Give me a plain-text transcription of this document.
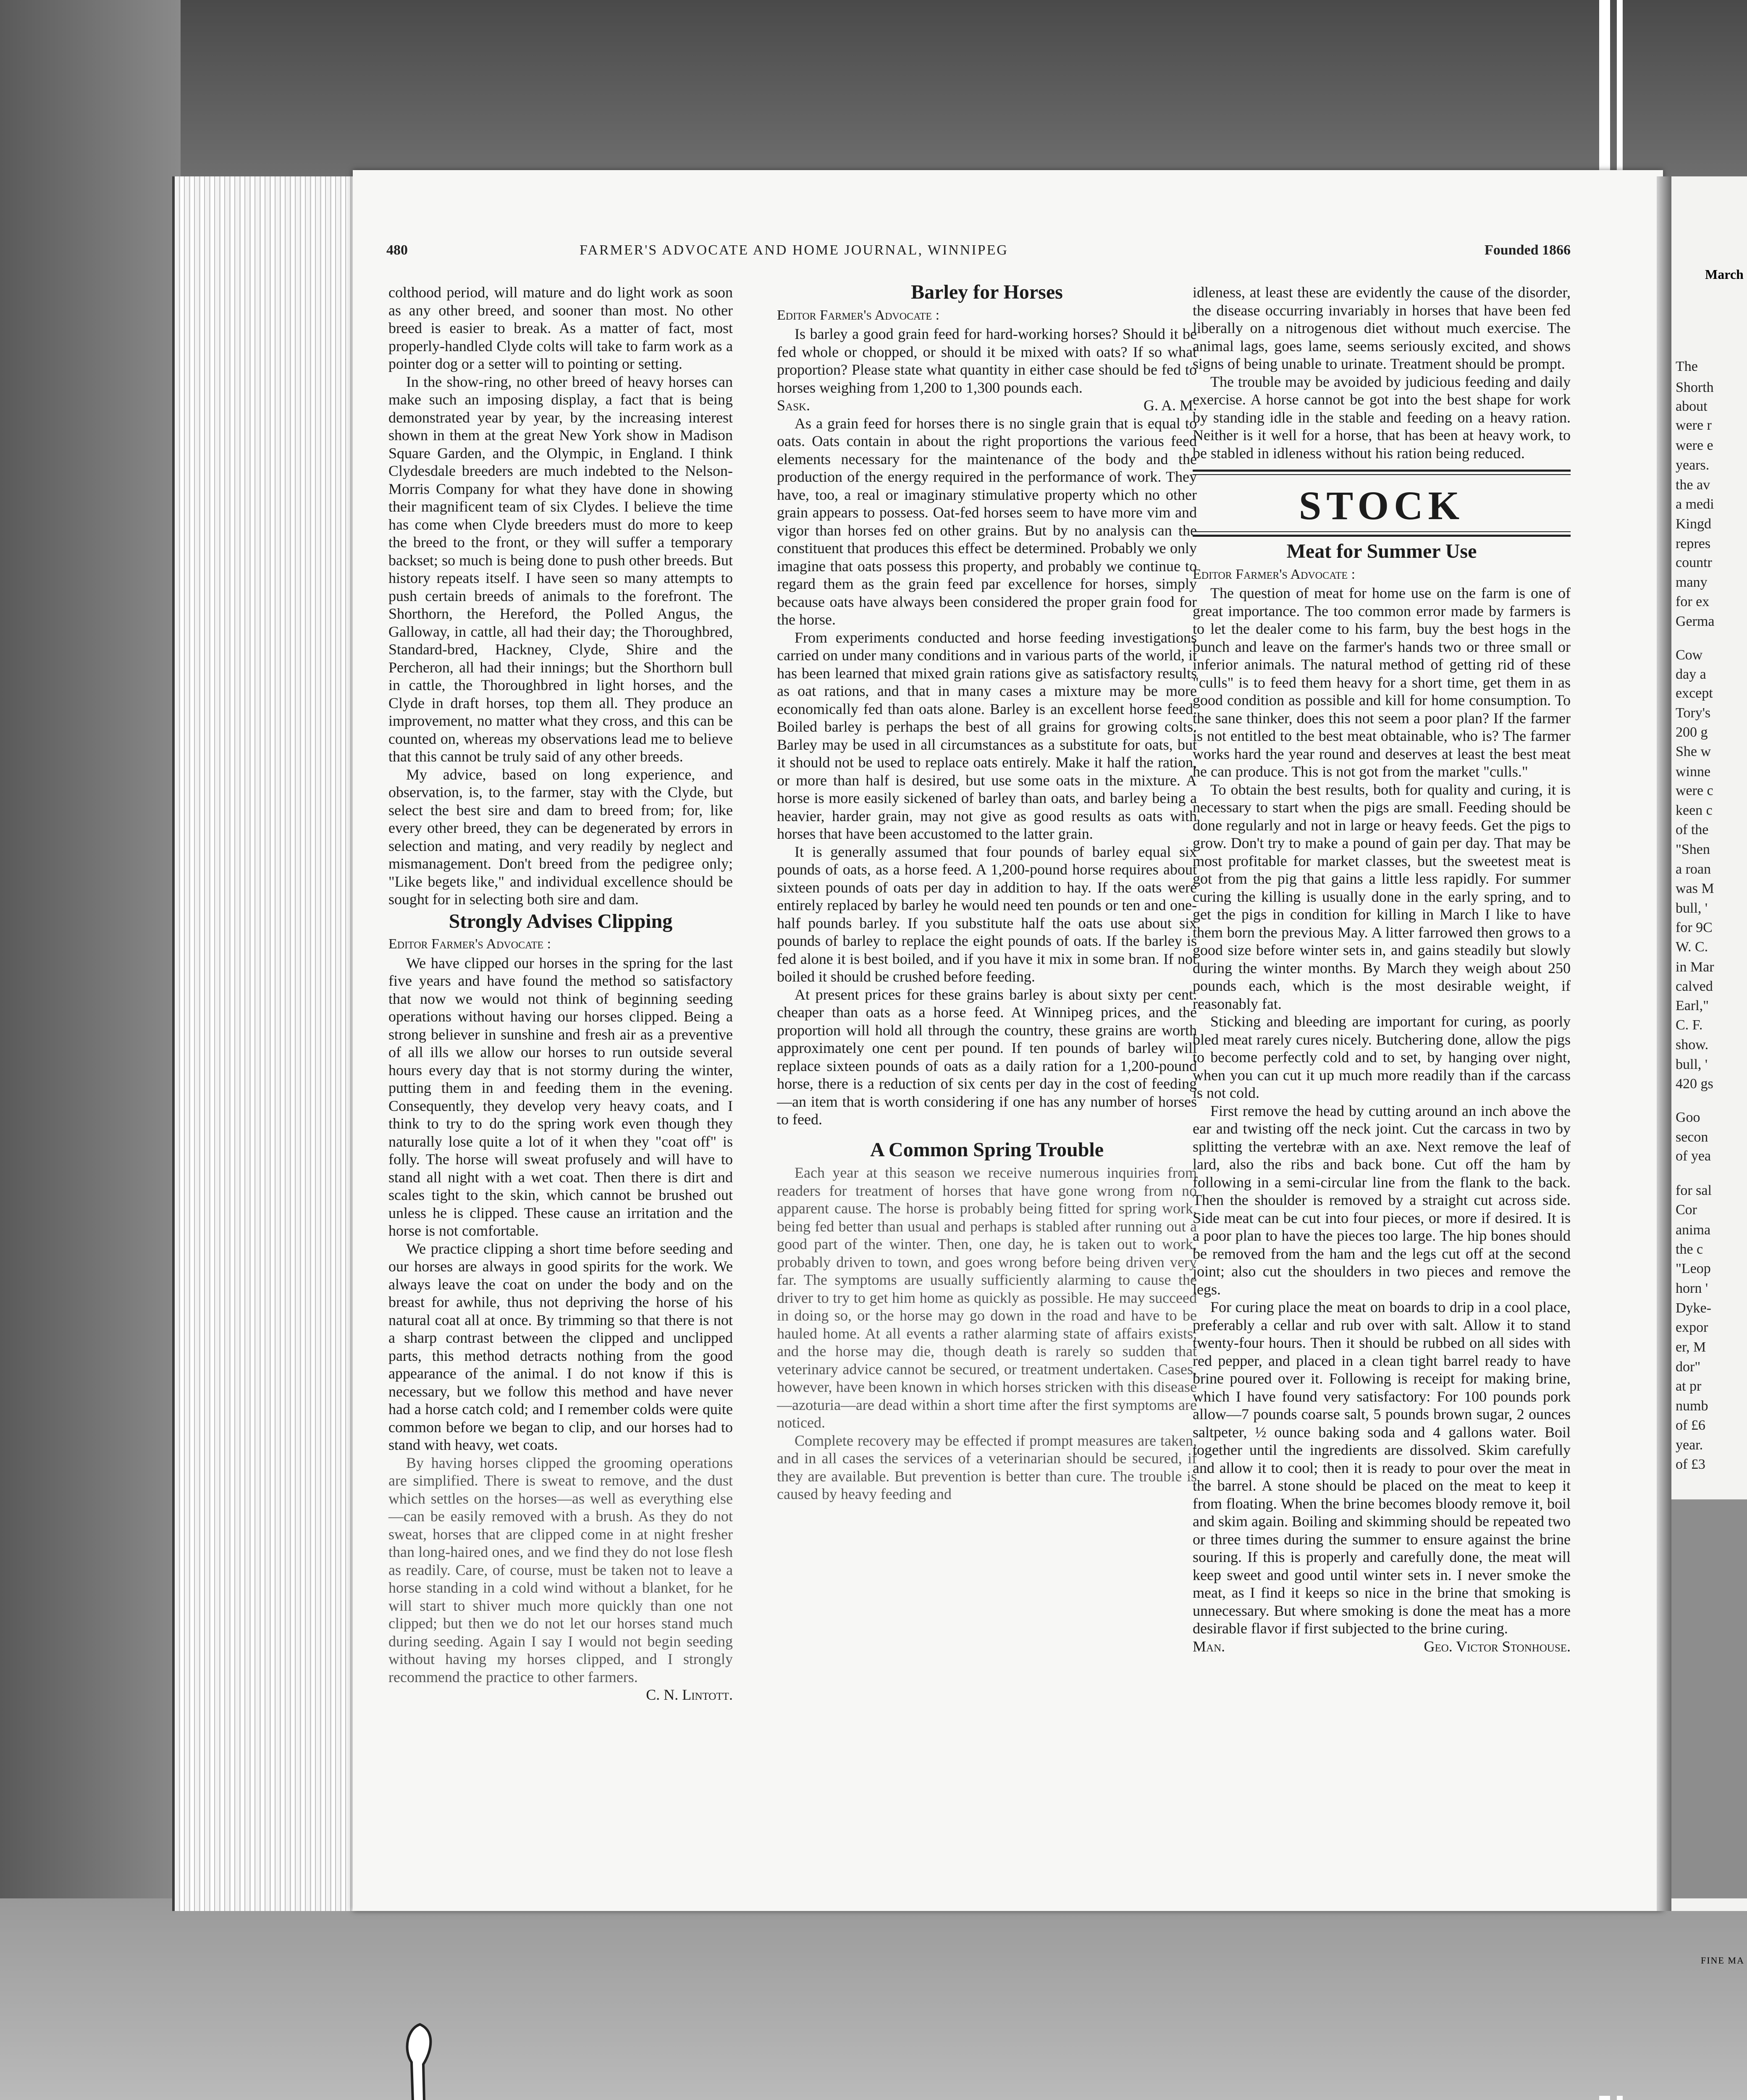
480	FARMER'S ADVOCATE AND HOME JOURNAL, WINNIPEG	Founded 1866

colthood period, will mature and do light work as soon as any other breed, and sooner than most. No other breed is easier to break. As a matter of fact, most properly-handled Clyde colts will take to farm work as a pointer dog or a setter will to pointing or setting.

In the show-ring, no other breed of heavy horses can make such an imposing display, a fact that is being demonstrated year by year, by the increasing interest shown in them at the great New York show in Madison Square Garden, and the Olympic, in England. I think Clydesdale breeders are much indebted to the Nelson-Morris Company for what they have done in showing their magnificent team of six Clydes. I believe the time has come when Clyde breeders must do more to keep the breed to the front, or they will suffer a temporary backset; so much is being done to push other breeds. But history repeats itself. I have seen so many attempts to push certain breeds of animals to the forefront. The Shorthorn, the Hereford, the Polled Angus, the Galloway, in cattle, all had their day; the Thoroughbred, Standard-bred, Hackney, Clyde, Shire and the Percheron, all had their innings; but the Shorthorn bull in cattle, the Thoroughbred in light horses, and the Clyde in draft horses, top them all. They produce an improvement, no matter what they cross, and this can be counted on, whereas my observations lead me to believe that this cannot be truly said of any other breeds.

My advice, based on long experience, and observation, is, to the farmer, stay with the Clyde, but select the best sire and dam to breed from; for, like every other breed, they can be degenerated by errors in selection and mating, and very readily by neglect and mismanagement. Don't breed from the pedigree only; "Like begets like," and individual excellence should be sought for in selecting both sire and dam.

Strongly Advises Clipping

Editor Farmer's Advocate :

We have clipped our horses in the spring for the last five years and have found the method so satisfactory that now we would not think of beginning seeding operations without having our horses clipped. Being a strong believer in sunshine and fresh air as a preventive of all ills we allow our horses to run outside several hours every day that is not stormy during the winter, putting them in and feeding them in the evening. Consequently, they develop very heavy coats, and I think to try to do the spring work even though they naturally lose quite a lot of it when they "coat off" is folly. The horse will sweat profusely and will have to stand all night with a wet coat. Then there is dirt and scales tight to the skin, which cannot be brushed out unless he is clipped. These cause an irritation and the horse is not comfortable.

We practice clipping a short time before seeding and our horses are always in good spirits for the work. We always leave the coat on under the body and on the breast for awhile, thus not depriving the horse of his natural coat all at once. By trimming so that there is not a sharp contrast between the clipped and unclipped parts, this method detracts nothing from the good appearance of the animal. I do not know if this is necessary, but we follow this method and have never had a horse catch cold; and I remember colds were quite common before we began to clip, and our horses had to stand with heavy, wet coats.

By having horses clipped the grooming operations are simplified. There is sweat to remove, and the dust which settles on the horses—as well as everything else—can be easily removed with a brush. As they do not sweat, horses that are clipped come in at night fresher than long-haired ones, and we find they do not lose flesh as readily. Care, of course, must be taken not to leave a horse standing in a cold wind without a blanket, for he will start to shiver much more quickly than one not clipped; but then we do not let our horses stand much during seeding. Again I say I would not begin seeding without having my horses clipped, and I strongly recommend the practice to other farmers.

C. N. Lintott.

Barley for Horses

Editor Farmer's Advocate :

Is barley a good grain feed for hard-working horses? Should it be fed whole or chopped, or should it be mixed with oats? If so what proportion? Please state what quantity in either case should be fed to horses weighing from 1,200 to 1,300 pounds each.

Sask.	G. A. M.

As a grain feed for horses there is no single grain that is equal to oats. Oats contain in about the right proportions the various feed elements necessary for the maintenance of the body and the production of the energy required in the performance of work. They have, too, a real or imaginary stimulative property which no other grain appears to possess. Oat-fed horses seem to have more vim and vigor than horses fed on other grains. But by no analysis can the constituent that produces this effect be determined. Probably we only imagine that oats possess this property, and probably we continue to regard them as the grain feed par excellence for horses, simply because oats have always been considered the proper grain food for the horse.

From experiments conducted and horse feeding investigations carried on under many conditions and in various parts of the world, it has been learned that mixed grain rations give as satisfactory results as oat rations, and that in many cases a mixture may be more economically fed than oats alone. Barley is an excellent horse feed. Boiled barley is perhaps the best of all grains for growing colts. Barley may be used in all circumstances as a substitute for oats, but it should not be used to replace oats entirely. Make it half the ration, or more than half is desired, but use some oats in the mixture. A horse is more easily sickened of barley than oats, and barley being a heavier, harder grain, may not give as good results as oats with horses that have been accustomed to the latter grain.

It is generally assumed that four pounds of barley equal six pounds of oats, as a horse feed. A 1,200-pound horse requires about sixteen pounds of oats per day in addition to hay. If the oats were entirely replaced by barley he would need ten pounds or ten and one-half pounds barley. If you substitute half the oats use about six pounds of barley to replace the eight pounds of oats. If the barley is fed alone it is best boiled, and if you have it mix in some bran. If not boiled it should be crushed before feeding.

At present prices for these grains barley is about sixty per cent. cheaper than oats as a horse feed. At Winnipeg prices, and the proportion will hold all through the country, these grains are worth approximately one cent per pound. If ten pounds of barley will replace sixteen pounds of oats as a daily ration for a 1,200-pound horse, there is a reduction of six cents per day in the cost of feeding—an item that is worth considering if one has any number of horses to feed.

A Common Spring Trouble

Each year at this season we receive numerous inquiries from readers for treatment of horses that have gone wrong from no apparent cause. The horse is probably being fitted for spring work, being fed better than usual and perhaps is stabled after running out a good part of the winter. Then, one day, he is taken out to work, probably driven to town, and goes wrong before being driven very far. The symptoms are usually sufficiently alarming to cause the driver to try to get him home as quickly as possible. He may succeed in doing so, or the horse may go down in the road and have to be hauled home. At all events a rather alarming state of affairs exists, and the horse may die, though death is rarely so sudden that veterinary advice cannot be secured, or treatment undertaken. Cases, however, have been known in which horses stricken with this disease—azoturia—are dead within a short time after the first symptoms are noticed.

Complete recovery may be effected if prompt measures are taken, and in all cases the services of a veterinarian should be secured, if they are available. But prevention is better than cure. The trouble is caused by heavy feeding and

idleness, at least these are evidently the cause of the disorder, the disease occurring invariably in horses that have been fed liberally on a nitrogenous diet without much exercise. The animal lags, goes lame, seems seriously excited, and shows signs of being unable to urinate. Treatment should be prompt.

The trouble may be avoided by judicious feeding and daily exercise. A horse cannot be got into the best shape for work by standing idle in the stable and feeding on a heavy ration. Neither is it well for a horse, that has been at heavy work, to be stabled in idleness without his ration being reduced.

STOCK
Meat for Summer Use

Editor Farmer's Advocate :

The question of meat for home use on the farm is one of great importance. The too common error made by farmers is to let the dealer come to his farm, buy the best hogs in the bunch and leave on the farmer's hands two or three small or inferior animals. The natural method of getting rid of these "culls" is to feed them heavy for a short time, get them in as good condition as possible and kill for home consumption. To the sane thinker, does this not seem a poor plan? If the farmer is not entitled to the best meat obtainable, who is? The farmer works hard the year round and deserves at least the best meat he can produce. This is not got from the market "culls."

To obtain the best results, both for quality and curing, it is necessary to start when the pigs are small. Feeding should be done regularly and not in large or heavy feeds. Get the pigs to grow. Don't try to make a pound of gain per day. That may be most profitable for market classes, but the sweetest meat is got from the pig that gains a little less rapidly. For summer curing the killing is usually done in the early spring, and to get the pigs in condition for killing in March I like to have them born the previous May. A litter farrowed then grows to a good size before winter sets in, and gains steadily but slowly during the winter months. By March they weigh about 250 pounds each, which is the most desirable weight, if reasonably fat.

Sticking and bleeding are important for curing, as poorly bled meat rarely cures nicely. Butchering done, allow the pigs to become perfectly cold and to set, by hanging over night, when you can cut it up much more readily than if the carcass is not cold.

First remove the head by cutting around an inch above the ear and twisting off the neck joint. Cut the carcass in two by splitting the vertebræ with an axe. Next remove the leaf of lard, also the ribs and back bone. Cut off the ham by following in a semi-circular line from the flank to the back. Then the shoulder is removed by a straight cut across side. Side meat can be cut into four pieces, or more if desired. It is a poor plan to have the pieces too large. The hip bones should be removed from the ham and the legs cut off at the second joint; also cut the shoulders in two pieces and remove the legs.

For curing place the meat on boards to drip in a cool place, preferably a cellar and rub over with salt. Allow it to stand twenty-four hours. Then it should be rubbed on all sides with red pepper, and placed in a clean tight barrel ready to have brine poured over it. Following is receipt for making brine, which I have found very satisfactory: For 100 pounds pork allow—7 pounds coarse salt, 5 pounds brown sugar, 2 ounces saltpeter, ½ ounce baking soda and 4 gallons water. Boil together until the ingredients are dissolved. Skim carefully and allow it to cool; then it is ready to pour over the meat in the barrel. A stone should be placed on the meat to keep it from floating. When the brine becomes bloody remove it, boil and skim again. Boiling and skimming should be repeated two or three times during the summer to ensure against the brine souring. If this is properly and carefully done, the meat will keep sweet and good until winter sets in. I never smoke the meat, as I find it keeps so nice in the brine that smoking is unnecessary. But where smoking is done the meat has a more desirable flavor if first subjected to the brine curing.

Man.	Geo. Victor Stonhouse.

March
The
Shorth
about
were r
were e
years.
the av
a medi
Kingd
repres
countr
many
for ex
Germa
Cow
day a
except
Tory's
200 g
She w
winne
were c
keen c
of the
"Shen
a roan
was M
bull, '
for 9C
W. C.
in Mar
calved
Earl,"
C. F.
show.
bull, '
420 gs
Goo
secon
of yea
for sal
Cor
anima
the c
"Leop
horn '
Dyke-
expor
er, M
dor"
at pr
numb
of £6
year.
of £3
FINE MA
